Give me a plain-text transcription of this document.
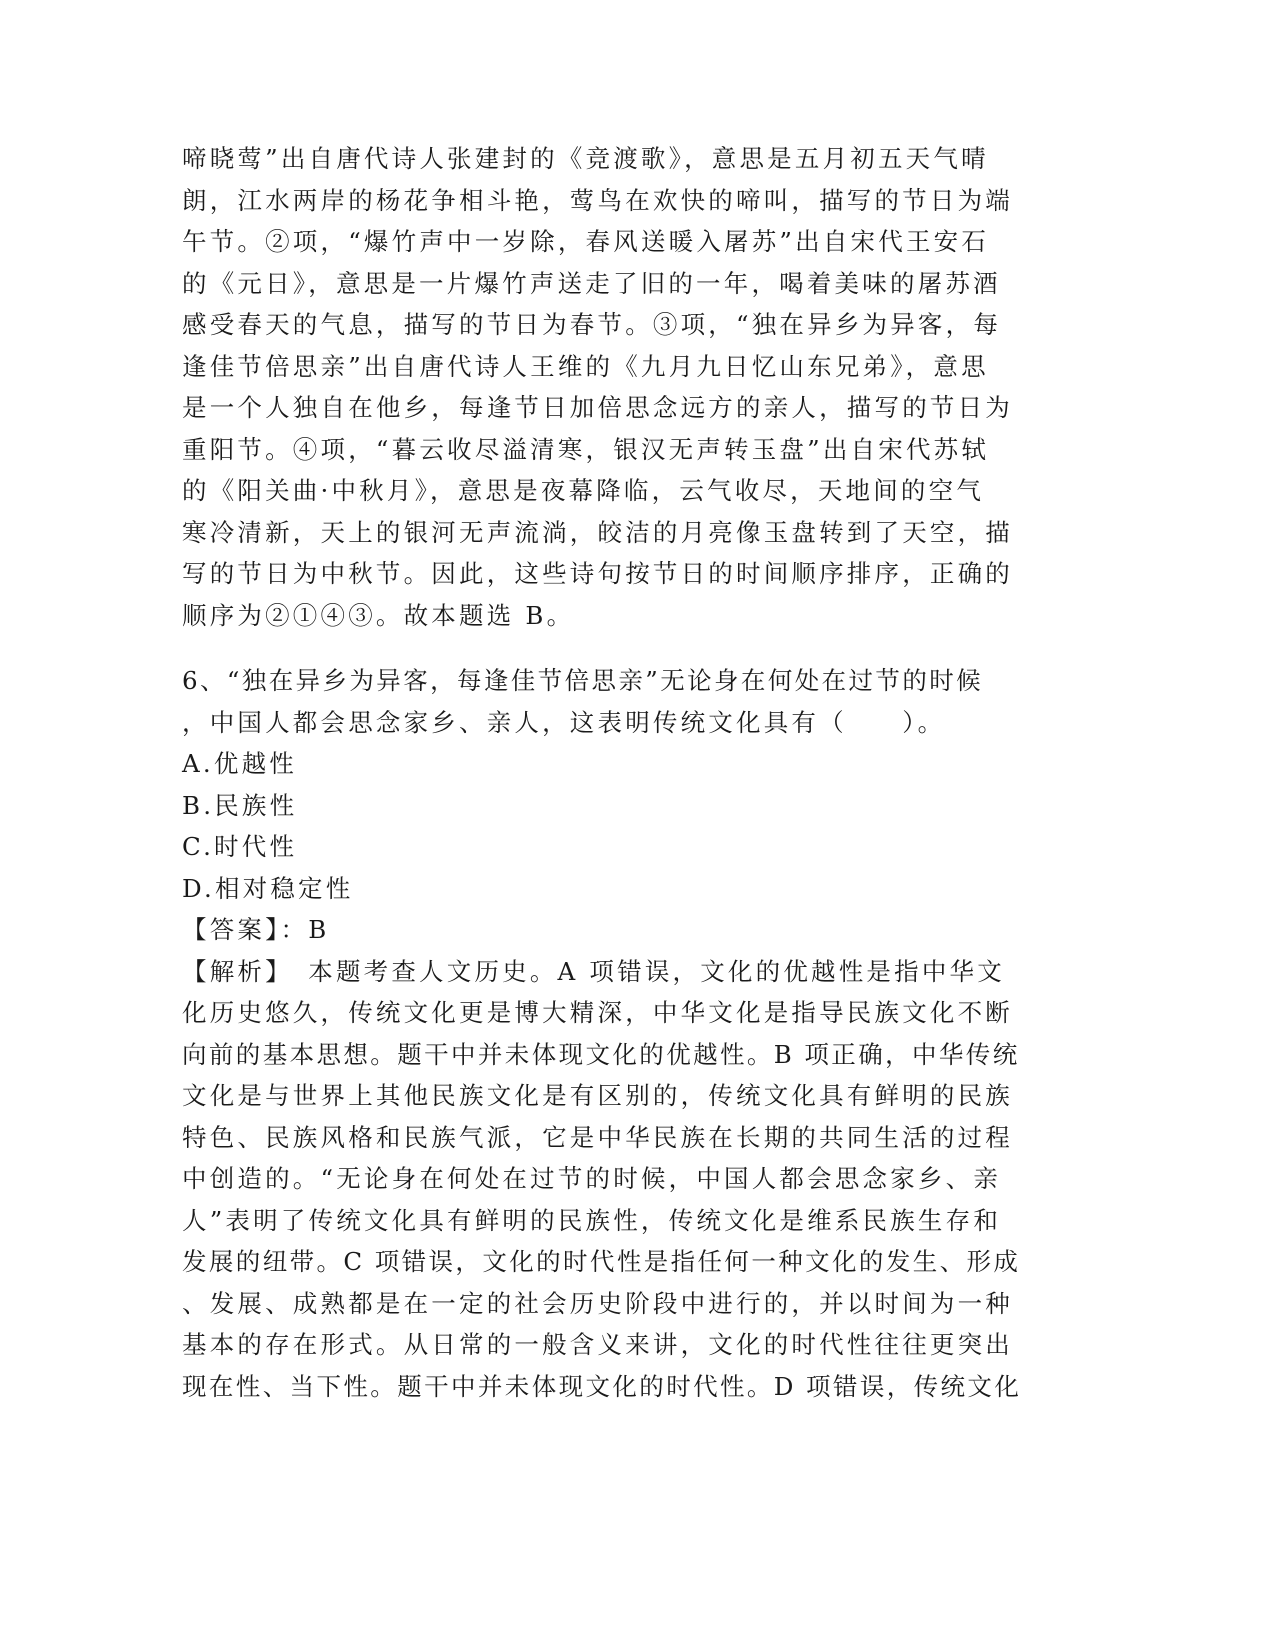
啼晓莺”出自唐代诗人张建封的《竞渡歌》，意思是五月初五天气晴
朗，江水两岸的杨花争相斗艳，莺鸟在欢快的啼叫，描写的节日为端
午节。②项，“爆竹声中一岁除，春风送暖入屠苏”出自宋代王安石
的《元日》，意思是一片爆竹声送走了旧的一年，喝着美味的屠苏酒
感受春天的气息，描写的节日为春节。③项，“独在异乡为异客，每
逢佳节倍思亲”出自唐代诗人王维的《九月九日忆山东兄弟》，意思
是一个人独自在他乡，每逢节日加倍思念远方的亲人，描写的节日为
重阳节。④项，“暮云收尽溢清寒，银汉无声转玉盘”出自宋代苏轼
的《阳关曲·中秋月》，意思是夜幕降临，云气收尽，天地间的空气
寒冷清新，天上的银河无声流淌，皎洁的月亮像玉盘转到了天空，描
写的节日为中秋节。因此，这些诗句按节日的时间顺序排序，正确的
顺序为②①④③。故本题选 B。
6、“独在异乡为异客，每逢佳节倍思亲”无论身在何处在过节的时候
，中国人都会思念家乡、亲人，这表明传统文化具有（　　）。
A.优越性
B.民族性
C.时代性
D.相对稳定性
【答案】：B
【解析】　本题考查人文历史。A 项错误，文化的优越性是指中华文
化历史悠久，传统文化更是博大精深，中华文化是指导民族文化不断
向前的基本思想。题干中并未体现文化的优越性。B 项正确，中华传统
文化是与世界上其他民族文化是有区别的，传统文化具有鲜明的民族
特色、民族风格和民族气派，它是中华民族在长期的共同生活的过程
中创造的。“无论身在何处在过节的时候，中国人都会思念家乡、亲
人”表明了传统文化具有鲜明的民族性，传统文化是维系民族生存和
发展的纽带。C 项错误，文化的时代性是指任何一种文化的发生、形成
、发展、成熟都是在一定的社会历史阶段中进行的，并以时间为一种
基本的存在形式。从日常的一般含义来讲，文化的时代性往往更突出
现在性、当下性。题干中并未体现文化的时代性。D 项错误，传统文化
